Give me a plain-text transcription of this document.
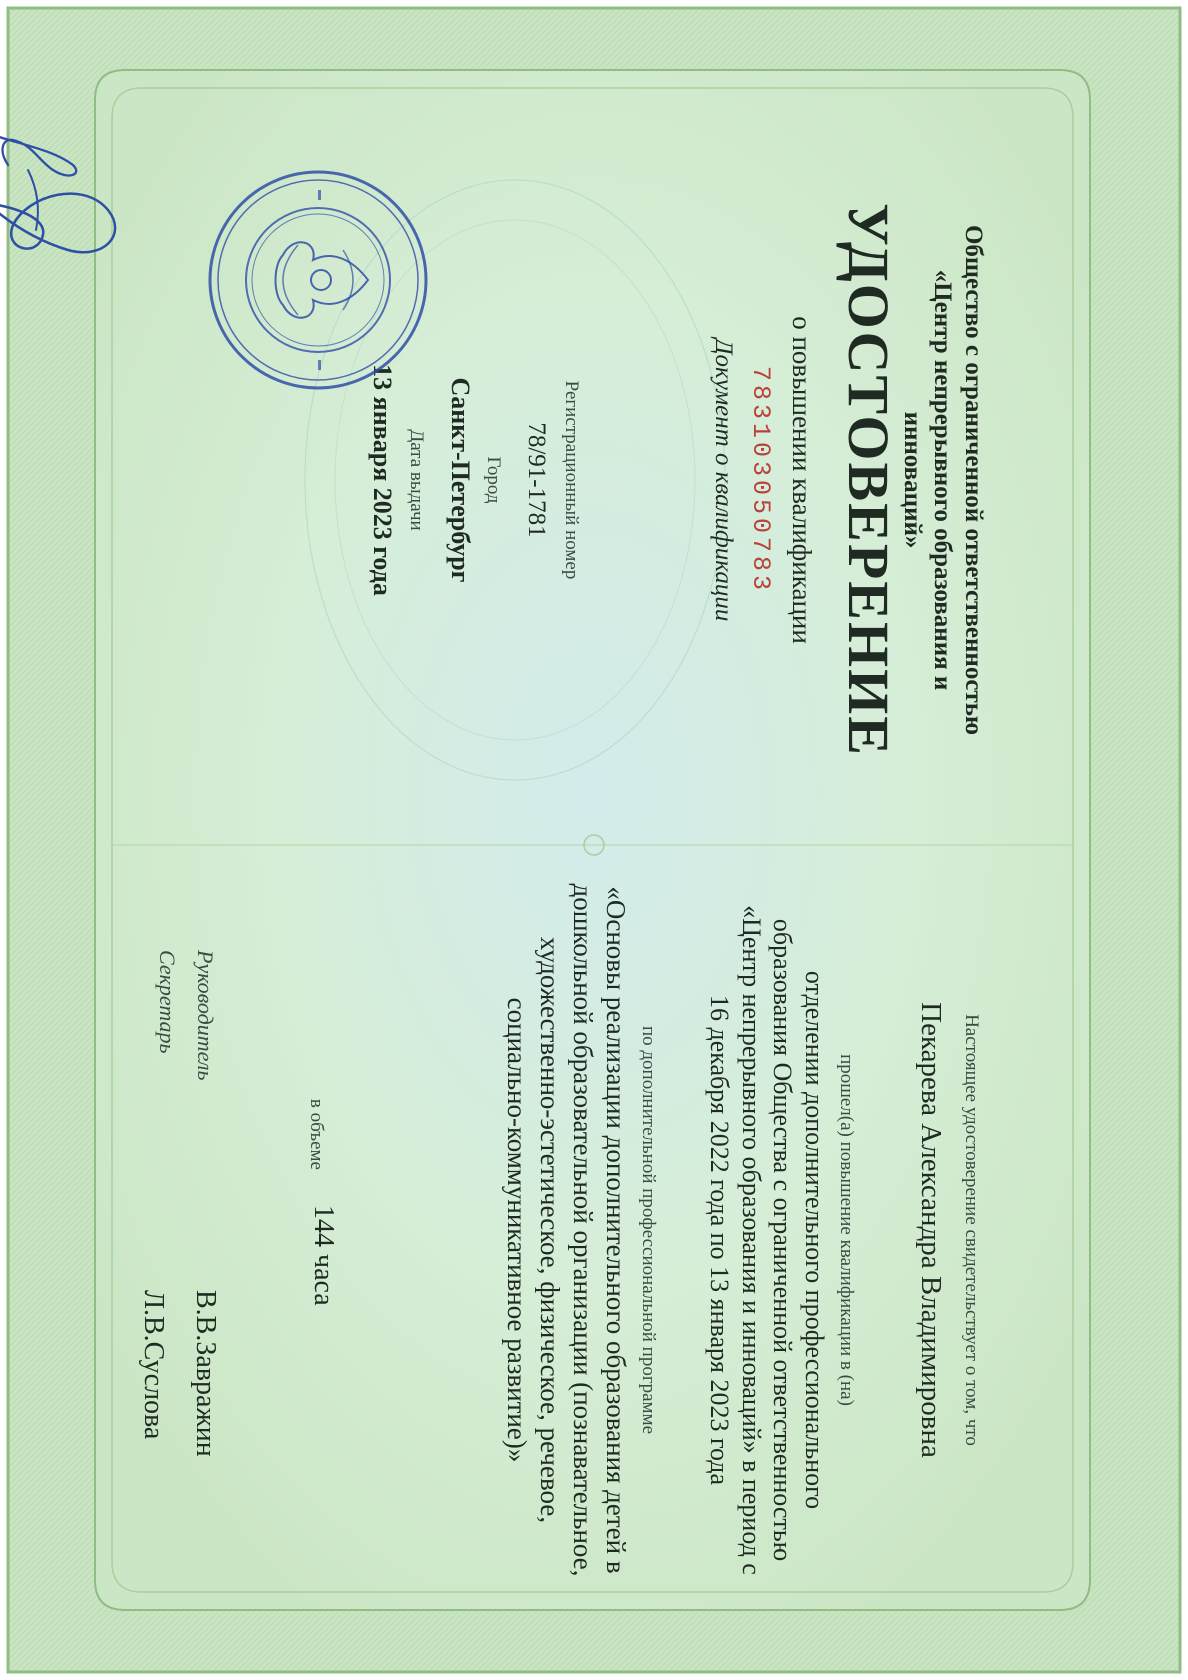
Общество с ограниченной ответственностью «Центр непрерывного образования и инноваций»
УДОСТОВЕРЕНИЕ
о повышении квалификации
783103050783
Документ о квалификации
Регистрационный номер
78/91-1781
Город
Санкт-Петербург
Дата выдачи
13 января 2023 года
Настоящее удостоверение свидетельствует о том, что
Пекарева Александра Владимировна
прошел(а) повышение квалификации в (на)
отделении дополнительного профессионального образования Общества с ограниченной ответственностью «Центр непрерывного образования и инноваций» в период с 16 декабря 2022 года по 13 января 2023 года
по дополнительной профессиональной программе
«Основы реализации дополнительного образования детей в дошкольной образовательной организации (познавательное, художественно-эстетическое, физическое, речевое, социально-коммуникативное развитие)»
в объеме
144 часа
Руководитель
В.В.Завражин
Секретарь
Л.В.Суслова
